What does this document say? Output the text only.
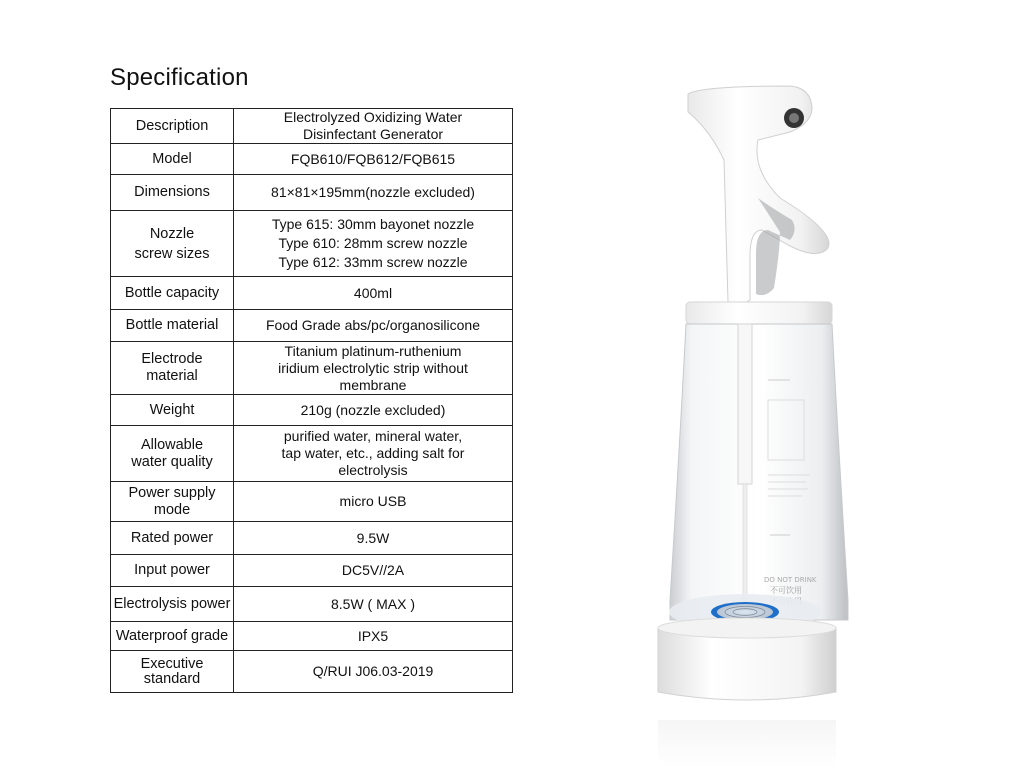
Specification
Description	Electrolyzed Oxidizing Water
Disinfectant Generator

Model	FQB610/FQB612/FQB615

Dimensions	81×81×195mm(nozzle excluded)

Nozzle
screw sizes	Type 615: 30mm bayonet nozzle
Type 610: 28mm screw nozzle
Type 612: 33mm screw nozzle

Bottle capacity	400ml

Bottle material	Food Grade abs/pc/organosilicone

Electrode
material	Titanium platinum-ruthenium
iridium electrolytic strip without
membrane

Weight	210g (nozzle excluded)

Allowable
water quality	purified water, mineral water,
tap water, etc., adding salt for
electrolysis

Power supply
mode	micro USB

Rated power	9.5W

Input power	DC5V//2A

Electrolysis power	8.5W ( MAX )

Waterproof grade	IPX5

Executive
standard	Q/RUI J06.03-2019
DO NOT DRINK
不可饮用
